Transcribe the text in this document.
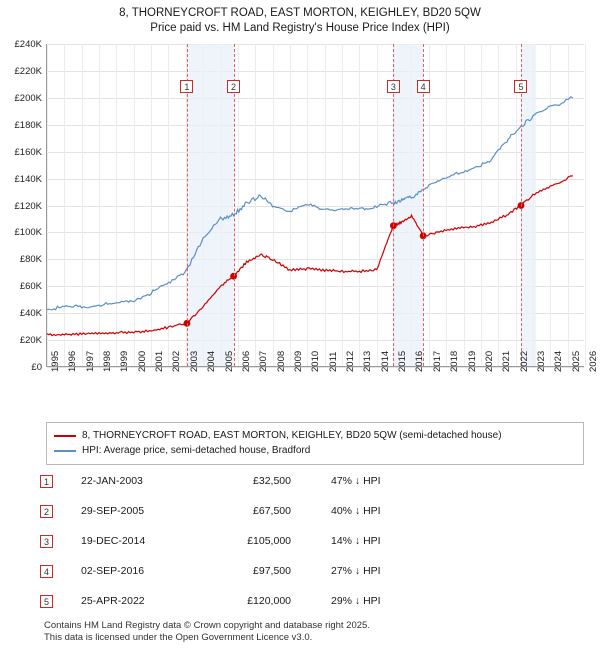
8, THORNEYCROFT ROAD, EAST MORTON, KEIGHLEY, BD20 5QW
Price paid vs. HM Land Registry's House Price Index (HPI)
£0
£20K
£40K
£60K
£80K
£100K
£120K
£140K
£160K
£180K
£200K
£220K
£240K
1	2	3	4	5
1995 1996 1997 1998 1999 2000 2001 2002 2003 2004 2005 2006 2007 2008 2009 2010 2011 2012 2013 2014 2015 2016 2017 2018 2019 2020 2021 2022 2023 2024 2025 2026
8, THORNEYCROFT ROAD, EAST MORTON, KEIGHLEY, BD20 5QW (semi-detached house)
HPI: Average price, semi-detached house, Bradford
1	22-JAN-2003	£32,500	47% ↓ HPI
2	29-SEP-2005	£67,500	40% ↓ HPI
3	19-DEC-2014	£105,000	14% ↓ HPI
4	02-SEP-2016	£97,500	27% ↓ HPI
5	25-APR-2022	£120,000	29% ↓ HPI
Contains HM Land Registry data © Crown copyright and database right 2025.
This data is licensed under the Open Government Licence v3.0.
